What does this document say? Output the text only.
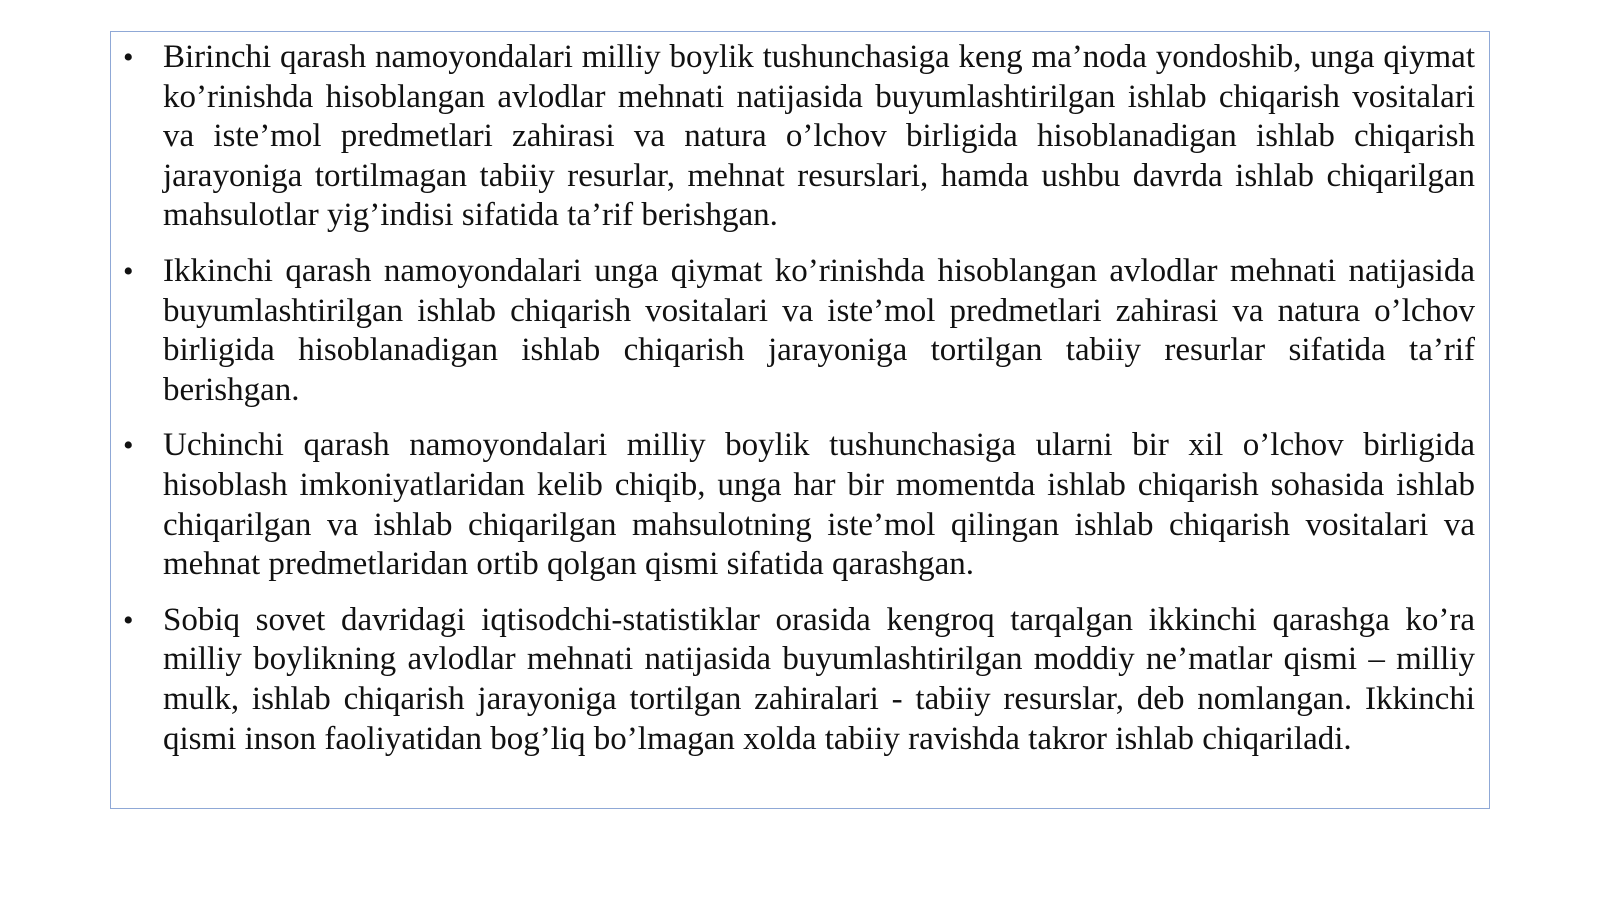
• Birinchi qarash namoyondalari milliy boylik tushunchasiga keng ma’noda yondoshib, unga qiymat ko’rinishda hisoblangan avlodlar mehnati natijasida buyumlashtirilgan ishlab chiqarish vositalari va iste’mol predmetlari zahirasi va natura o’lchov birligida hisoblanadigan ishlab chiqarish jarayoniga tortilmagan tabiiy resurlar, mehnat resurslari, hamda ushbu davrda ishlab chiqarilgan mahsulotlar yig’indisi sifatida ta’rif berishgan.
• Ikkinchi qarash namoyondalari unga qiymat ko’rinishda hisoblangan avlodlar mehnati natijasida buyumlashtirilgan ishlab chiqarish vositalari va iste’mol predmetlari zahirasi va natura o’lchov birligida hisoblanadigan ishlab chiqarish jarayoniga tortilgan tabiiy resurlar sifatida ta’rif berishgan.
• Uchinchi qarash namoyondalari milliy boylik tushunchasiga ularni bir xil o’lchov birligida hisoblash imkoniyatlaridan kelib chiqib, unga har bir momentda ishlab chiqarish sohasida ishlab chiqarilgan va ishlab chiqarilgan mahsulotning iste’mol qilingan ishlab chiqarish vositalari va mehnat predmetlaridan ortib qolgan qismi sifatida qarashgan.
• Sobiq sovet davridagi iqtisodchi-statistiklar orasida kengroq tarqalgan ikkinchi qarashga ko’ra milliy boylikning avlodlar mehnati natijasida buyumlashtirilgan moddiy ne’matlar qismi – milliy mulk, ishlab chiqarish jarayoniga tortilgan zahiralari - tabiiy resurslar, deb nomlangan. Ikkinchi qismi inson faoliyatidan bog’liq bo’lmagan xolda tabiiy ravishda takror ishlab chiqariladi.
